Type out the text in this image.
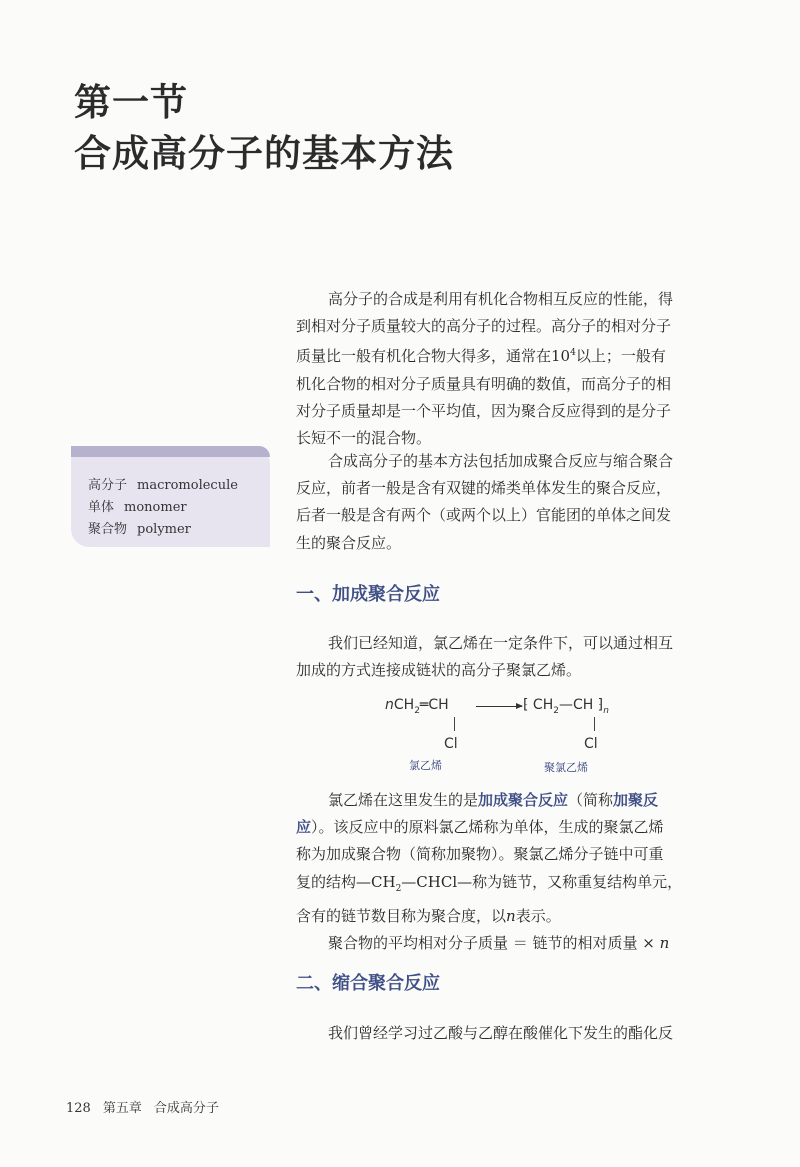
第一节
合成高分子的基本方法

高分子的合成是利用有机化合物相互反应的性能，得
到相对分子质量较大的高分子的过程。高分子的相对分子
质量比一般有机化合物大得多，通常在$10^4$以上；一般有
机化合物的相对分子质量具有明确的数值，而高分子的相
对分子质量却是一个平均值，因为聚合反应得到的是分子
长短不一的混合物。

合成高分子的基本方法包括加成聚合反应与缩合聚合
反应，前者一般是含有双键的烯类单体发生的聚合反应，
后者一般是含有两个（或两个以上）官能团的单体之间发
生的聚合反应。

高分子 macromolecule
单体 monomer
聚合物 polymer
一、加成聚合反应

我们已经知道，氯乙烯在一定条件下，可以通过相互
加成的方式连接成链状的高分子聚氯乙烯。

nCH$_2$═CH → ⁅ $CH_2—CH$ $⁆_n$
Cl	Cl
氯乙烯	聚氯乙烯

氯乙烯在这里发生的是加成聚合反应（简称加聚反
应）。该反应中的原料氯乙烯称为单体，生成的聚氯乙烯
称为加成聚合物（简称加聚物）。聚氯乙烯分子链中可重
复的结构$—CH_2—CHCl—$称为链节，又称重复结构单元，
含有的链节数目称为聚合度，以n表示。
聚合物的平均相对分子质量 ＝ 链节的相对质量 × n

二、缩合聚合反应

我们曾经学习过乙酸与乙醇在酸催化下发生的酯化反

128 第五章 合成高分子
